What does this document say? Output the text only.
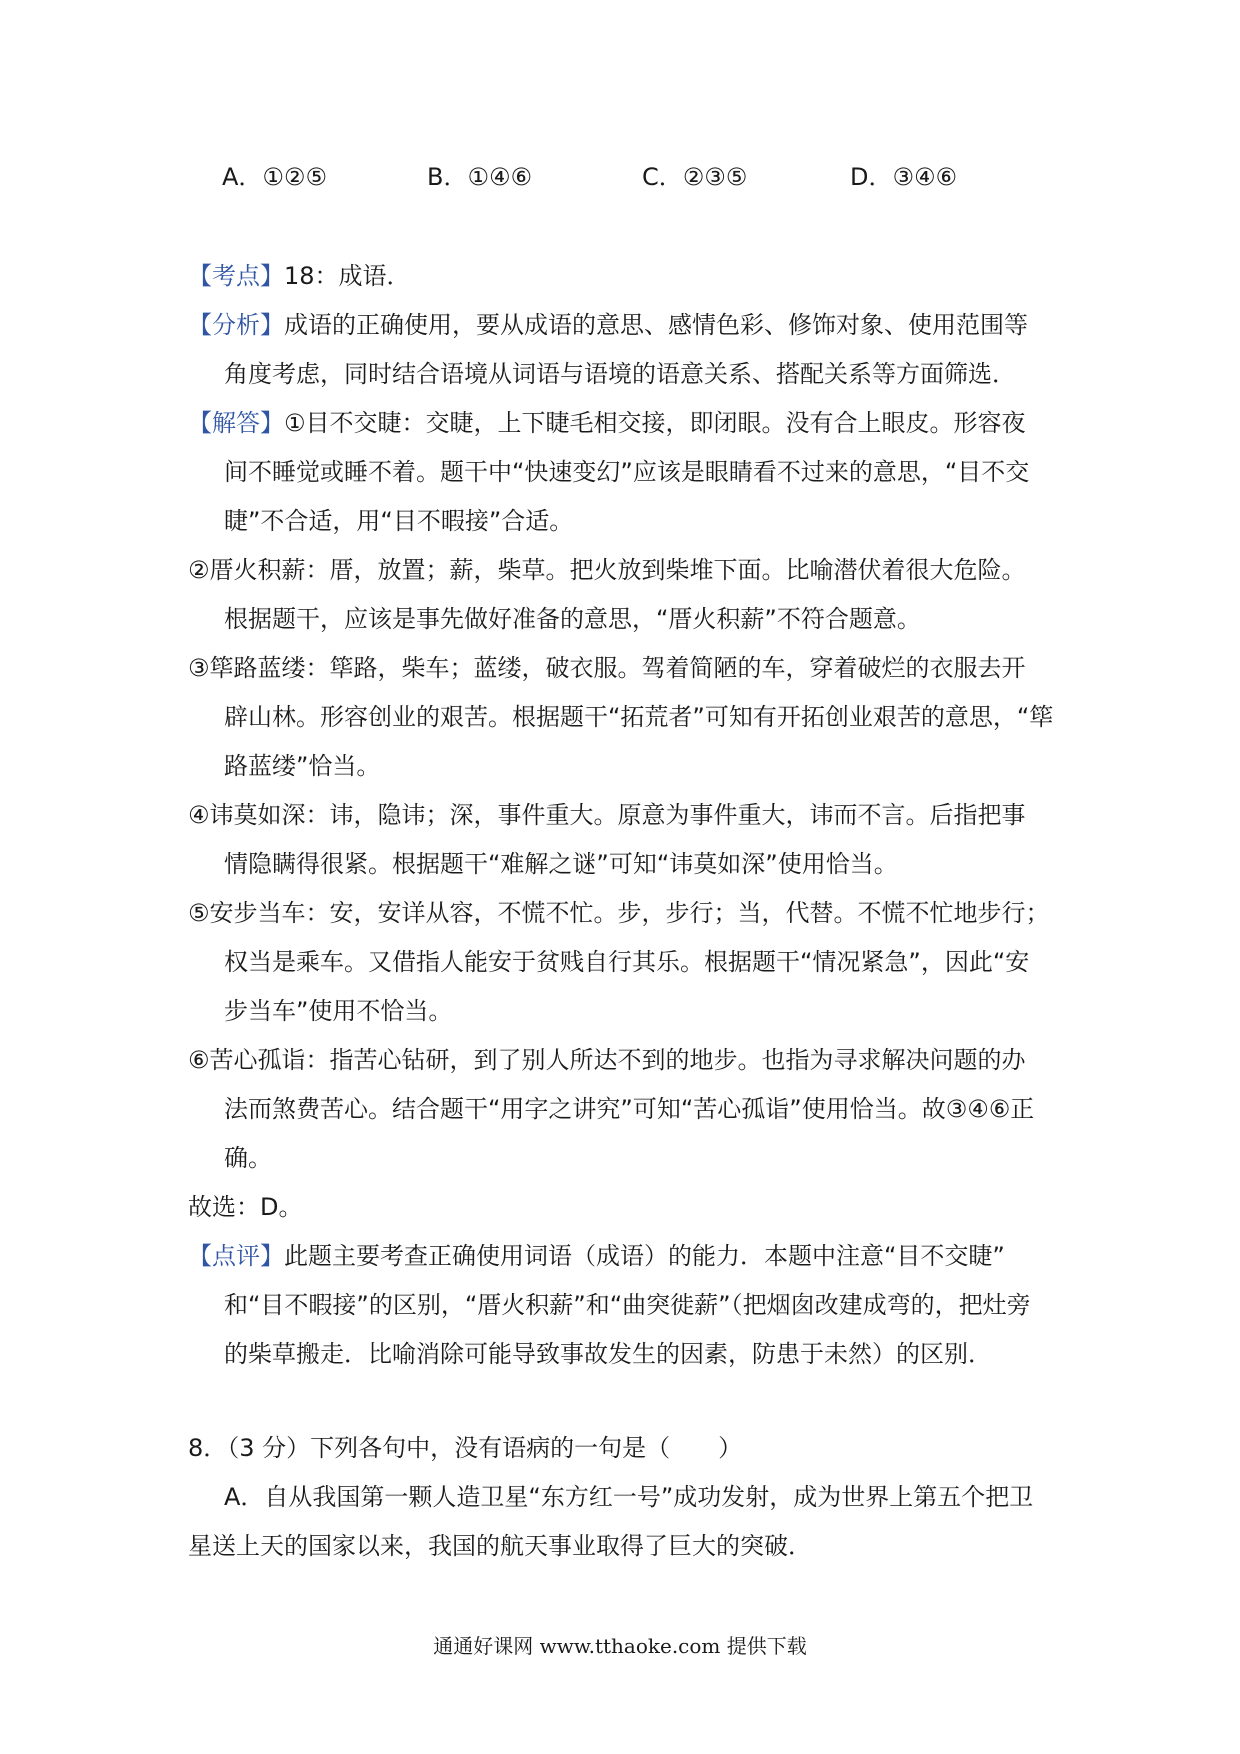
A．①②⑤	B．①④⑥	C．②③⑤	D．③④⑥
【考点】18：成语．
【分析】成语的正确使用，要从成语的意思、感情色彩、修饰对象、使用范围等
角度考虑，同时结合语境从词语与语境的语意关系、搭配关系等方面筛选．
【解答】①目不交睫：交睫，上下睫毛相交接，即闭眼。没有合上眼皮。形容夜
间不睡觉或睡不着。题干中“快速变幻”应该是眼睛看不过来的意思，“目不交
睫”不合适，用“目不暇接”合适。
②厝火积薪：厝，放置；薪，柴草。把火放到柴堆下面。比喻潜伏着很大危险。
根据题干，应该是事先做好准备的意思，“厝火积薪”不符合题意。
③筚路蓝缕：筚路，柴车；蓝缕，破衣服。驾着简陋的车，穿着破烂的衣服去开
辟山林。形容创业的艰苦。根据题干“拓荒者”可知有开拓创业艰苦的意思，“筚
路蓝缕”恰当。
④讳莫如深：讳，隐讳；深，事件重大。原意为事件重大，讳而不言。后指把事
情隐瞒得很紧。根据题干“难解之谜”可知“讳莫如深”使用恰当。
⑤安步当车：安，安详从容，不慌不忙。步，步行；当，代替。不慌不忙地步行；
权当是乘车。又借指人能安于贫贱自行其乐。根据题干“情况紧急”，因此“安
步当车”使用不恰当。
⑥苦心孤诣：指苦心钻研，到了别人所达不到的地步。也指为寻求解决问题的办
法而煞费苦心。结合题干“用字之讲究”可知“苦心孤诣”使用恰当。故③④⑥正
确。
故选：D。
【点评】此题主要考查正确使用词语（成语）的能力．本题中注意“目不交睫”
和“目不暇接”的区别，“厝火积薪”和“曲突徙薪”（把烟囱改建成弯的，把灶旁
的柴草搬走．比喻消除可能导致事故发生的因素，防患于未然）的区别．
8．（3 分）下列各句中，没有语病的一句是（　　）
A．自从我国第一颗人造卫星“东方红一号”成功发射，成为世界上第五个把卫
星送上天的国家以来，我国的航天事业取得了巨大的突破．
通通好课网 www.tthaoke.com 提供下载
